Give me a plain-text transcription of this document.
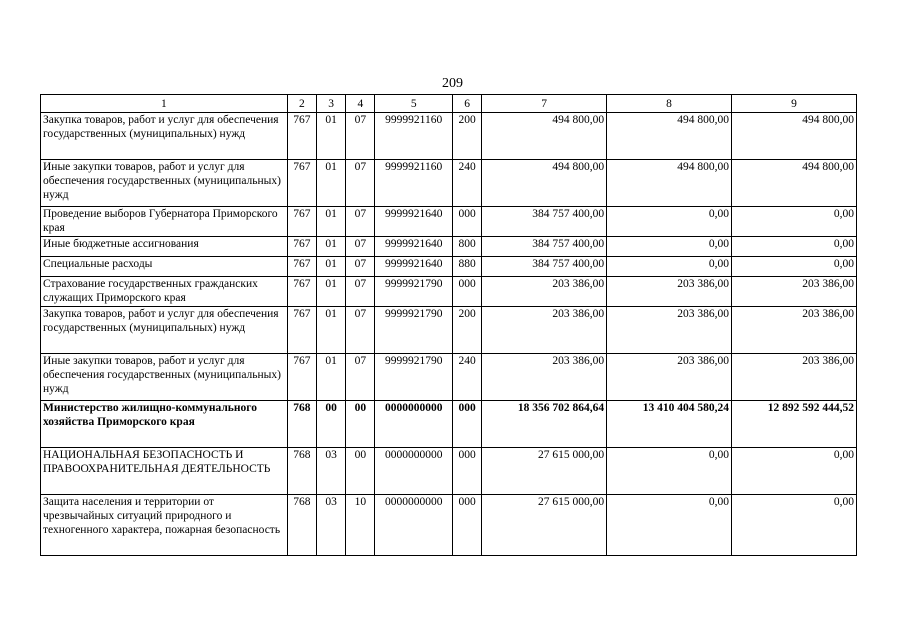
209
1	2	3	4	5	6	7	8	9
Закупка товаров, работ и услуг для обеспечения государственных (муниципальных) нужд	767	01	07	9999921160	200	494 800,00	494 800,00	494 800,00
Иные закупки товаров, работ и услуг для обеспечения государственных (муниципальных) нужд	767	01	07	9999921160	240	494 800,00	494 800,00	494 800,00
Проведение выборов Губернатора Приморского края	767	01	07	9999921640	000	384 757 400,00	0,00	0,00
Иные бюджетные ассигнования	767	01	07	9999921640	800	384 757 400,00	0,00	0,00
Специальные расходы	767	01	07	9999921640	880	384 757 400,00	0,00	0,00
Страхование государственных гражданских служащих Приморского края	767	01	07	9999921790	000	203 386,00	203 386,00	203 386,00
Закупка товаров, работ и услуг для обеспечения государственных (муниципальных) нужд	767	01	07	9999921790	200	203 386,00	203 386,00	203 386,00
Иные закупки товаров, работ и услуг для обеспечения государственных (муниципальных) нужд	767	01	07	9999921790	240	203 386,00	203 386,00	203 386,00
Министерство жилищно-коммунального хозяйства Приморского края	768	00	00	0000000000	000	18 356 702 864,64	13 410 404 580,24	12 892 592 444,52
НАЦИОНАЛЬНАЯ БЕЗОПАСНОСТЬ И ПРАВООХРАНИТЕЛЬНАЯ ДЕЯТЕЛЬНОСТЬ	768	03	00	0000000000	000	27 615 000,00	0,00	0,00
Защита населения и территории от чрезвычайных ситуаций природного и техногенного характера, пожарная безопасность	768	03	10	0000000000	000	27 615 000,00	0,00	0,00
